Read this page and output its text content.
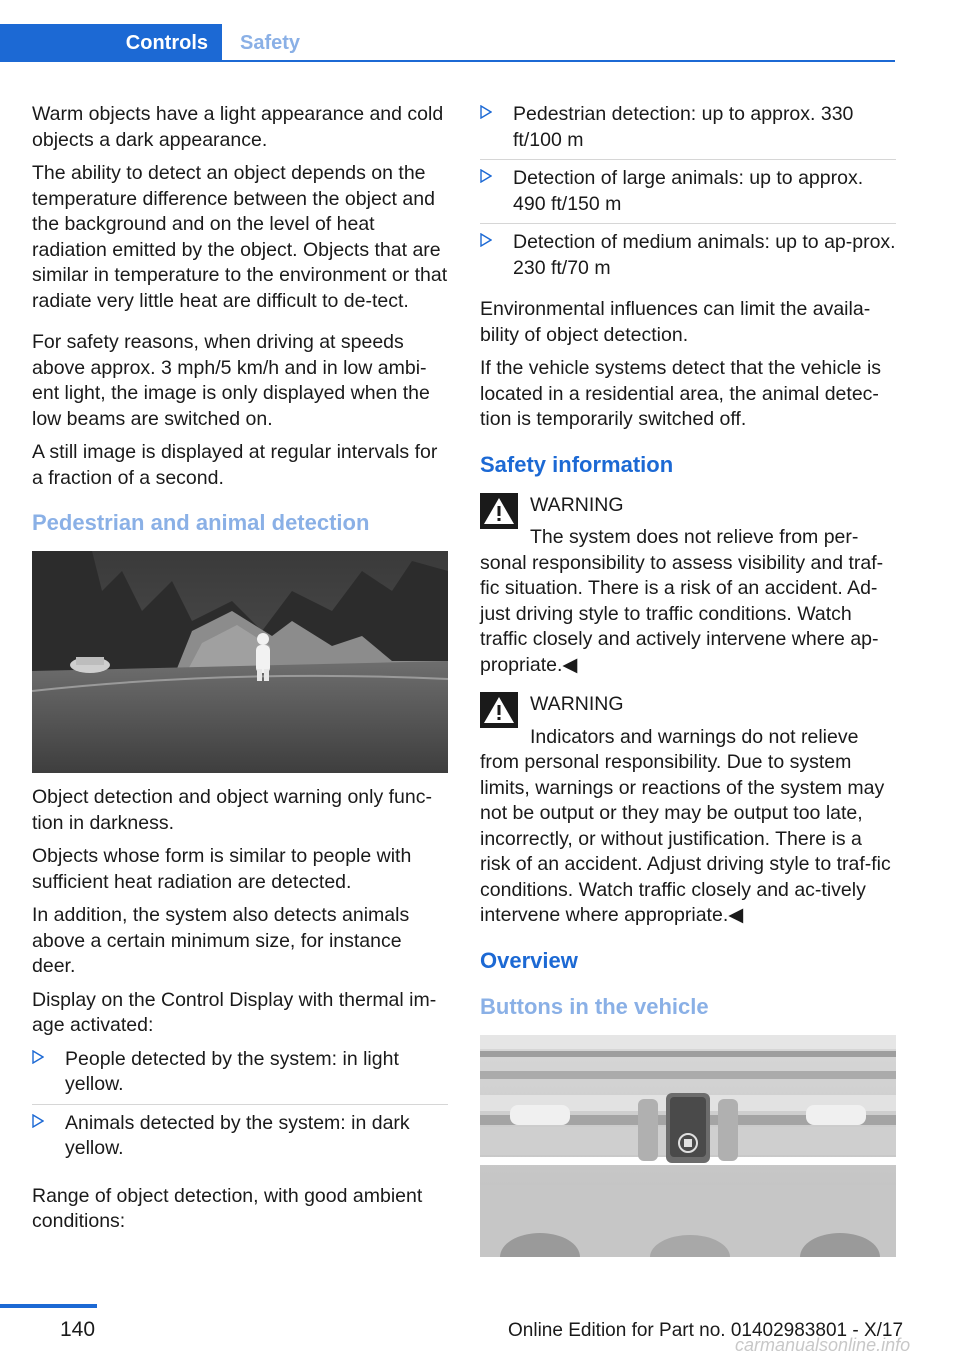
Controls	Safety

Warm objects have a light appearance and cold objects a dark appearance.

The ability to detect an object depends on the temperature difference between the object and the background and on the level of heat radiation emitted by the object. Objects that are similar in temperature to the environment or that radiate very little heat are difficult to de‐tect.

For safety reasons, when driving at speeds above approx. 3 mph/5 km/h and in low ambi‐ent light, the image is only displayed when the low beams are switched on.

A still image is displayed at regular intervals for a fraction of a second.

Pedestrian and animal detection

Object detection and object warning only func‐tion in darkness.

Objects whose form is similar to people with sufficient heat radiation are detected.

In addition, the system also detects animals above a certain minimum size, for instance deer.

Display on the Control Display with thermal im‐age activated:

People detected by the system: in light yellow.
Animals detected by the system: in dark yellow.

Range of object detection, with good ambient conditions:

Pedestrian detection: up to approx. 330 ft/100 m
Detection of large animals: up to approx. 490 ft/150 m
Detection of medium animals: up to ap‐prox. 230 ft/70 m

Environmental influences can limit the availa‐bility of object detection.

If the vehicle systems detect that the vehicle is located in a residential area, the animal detec‐tion is temporarily switched off.

Safety information
WARNING
The system does not relieve from per‐sonal responsibility to assess visibility and traf‐fic situation. There is a risk of an accident. Ad‐just driving style to traffic conditions. Watch traffic closely and actively intervene where ap‐propriate.◀
WARNING
Indicators and warnings do not relieve from personal responsibility. Due to system limits, warnings or reactions of the system may not be output or they may be output too late, incorrectly, or without justification. There is a risk of an accident. Adjust driving style to traf‐fic conditions. Watch traffic closely and ac‐tively intervene where appropriate.◀
Overview
Buttons in the vehicle
140	Online Edition for Part no. 01402983801 - X/17
carmanualsonline.info
